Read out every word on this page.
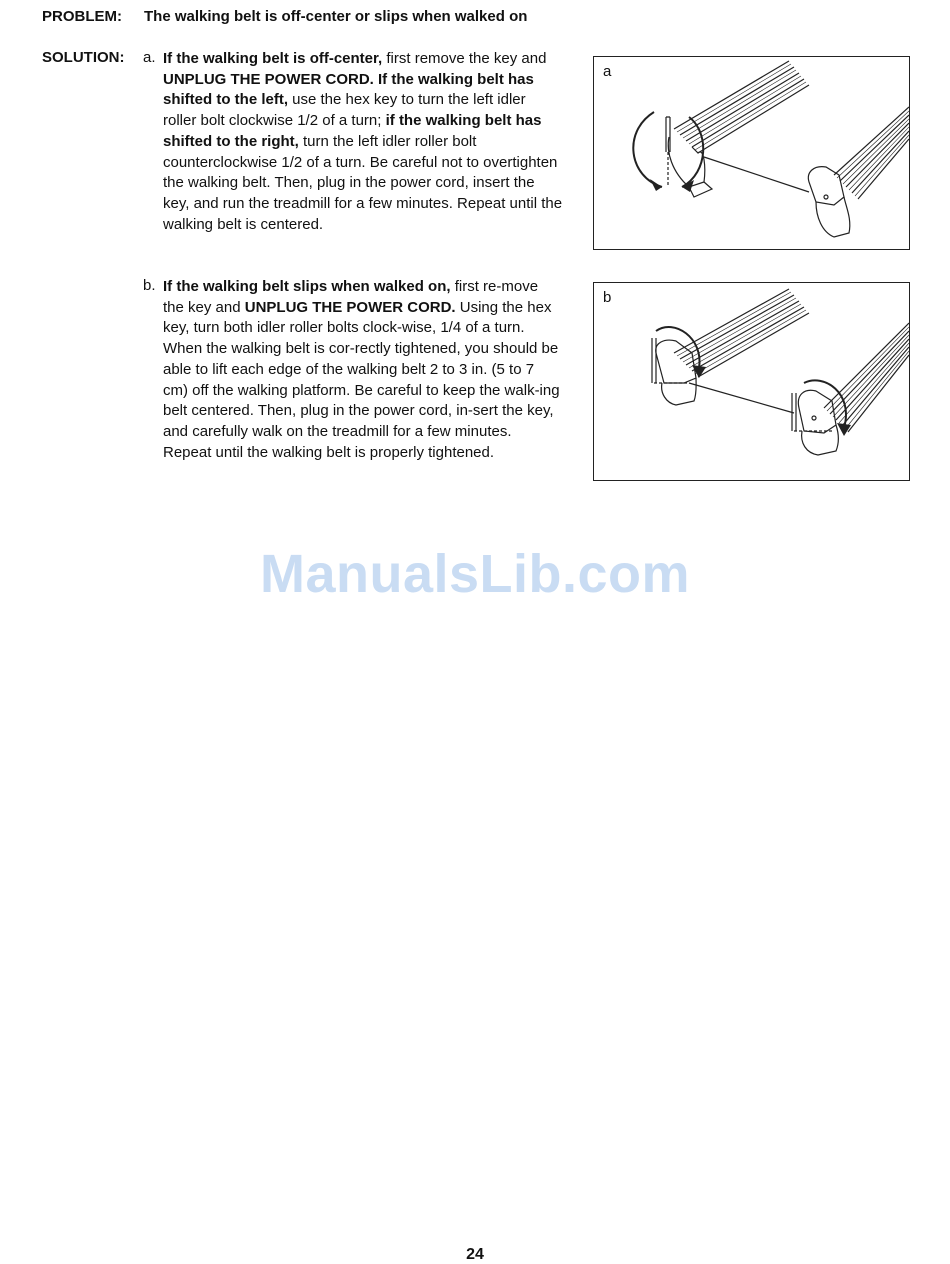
PROBLEM: The walking belt is off-center or slips when walked on
SOLUTION: a. If the walking belt is off-center, first remove the key and UNPLUG THE POWER CORD. If the walking belt has shifted to the left, use the hex key to turn the left idler roller bolt clockwise 1/2 of a turn; if the walking belt has shifted to the right, turn the left idler roller bolt counterclockwise 1/2 of a turn. Be careful not to overtighten the walking belt. Then, plug in the power cord, insert the key, and run the treadmill for a few minutes. Repeat until the walking belt is centered.
b. If the walking belt slips when walked on, first re-move the key and UNPLUG THE POWER CORD. Using the hex key, turn both idler roller bolts clock-wise, 1/4 of a turn. When the walking belt is cor-rectly tightened, you should be able to lift each edge of the walking belt 2 to 3 in. (5 to 7 cm) off the walking platform. Be careful to keep the walk-ing belt centered. Then, plug in the power cord, in-sert the key, and carefully walk on the treadmill for a few minutes. Repeat until the walking belt is properly tightened.
a
b
ManualsLib.com
24
